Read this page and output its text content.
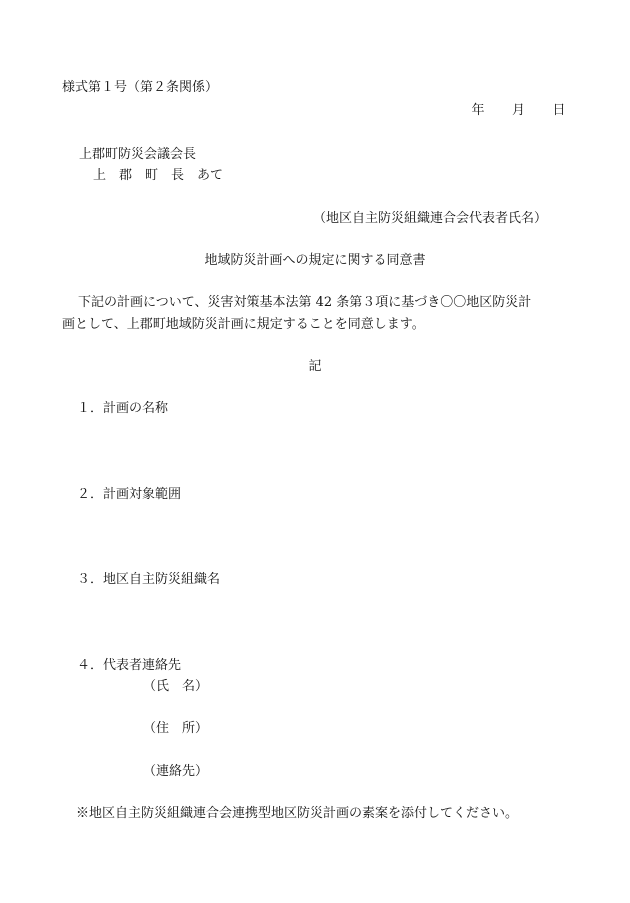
様式第１号（第２条関係）
年　　月　　日
上郡町防災会議会長
上　郡　町　長　あて
（地区自主防災組織連合会代表者氏名）
地域防災計画への規定に関する同意書
下記の計画について、災害対策基本法第 42 条第３項に基づき〇〇地区防災計
画として、上郡町地域防災計画に規定することを同意します。
記
１．計画の名称
２．計画対象範囲
３．地区自主防災組織名
４．代表者連絡先
（氏　名）
（住　所）
（連絡先）
※地区自主防災組織連合会連携型地区防災計画の素案を添付してください。
